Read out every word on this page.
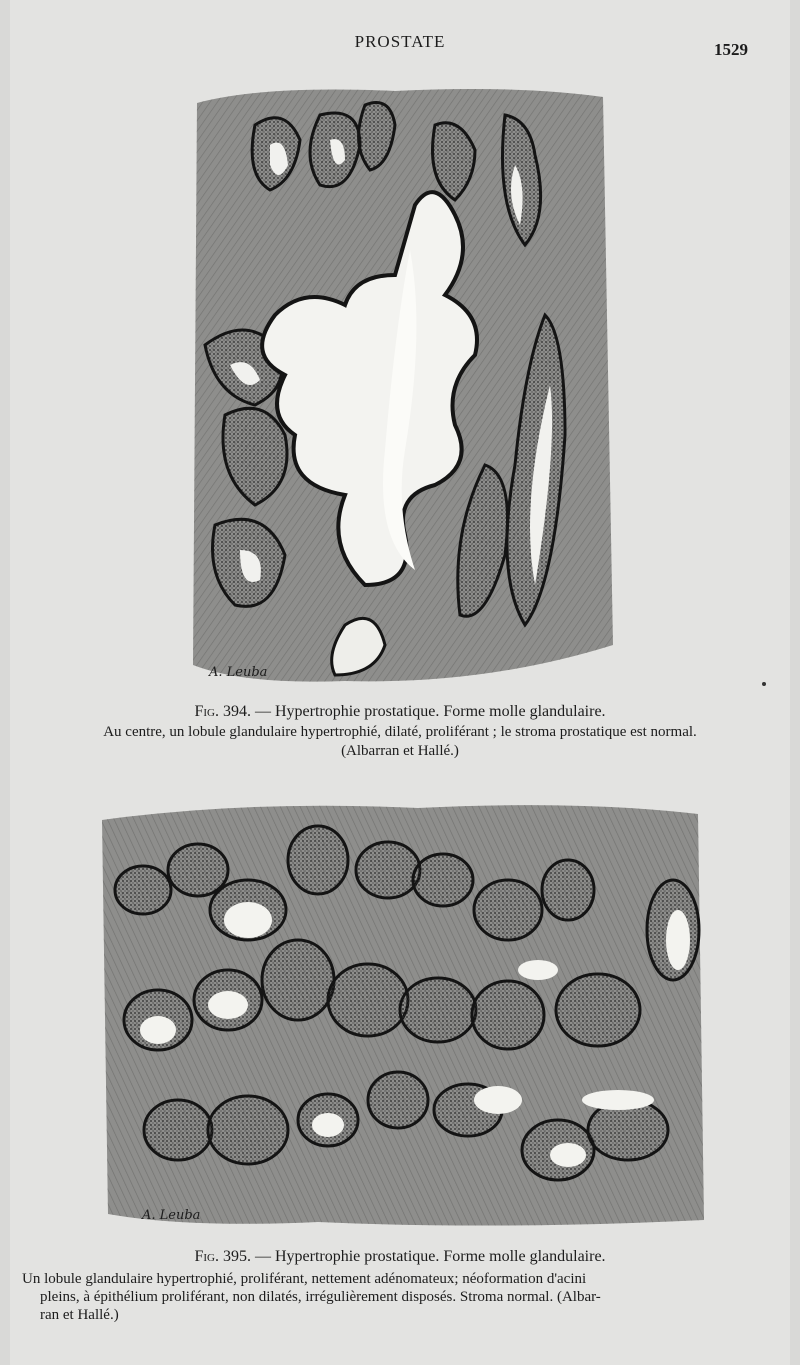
PROSTATE	1529
A. Leuba
Fig. 394. — Hypertrophie prostatique. Forme molle glandulaire.
Au centre, un lobule glandulaire hypertrophié, dilaté, proliférant ; le stroma prostatique est normal.
(Albarran et Hallé.)
A. Leuba
Fig. 395. — Hypertrophie prostatique. Forme molle glandulaire.
Un lobule glandulaire hypertrophié, proliférant, nettement adénomateux; néoformation d'acini
pleins, à épithélium proliférant, non dilatés, irrégulièrement disposés. Stroma normal. (Albar-
ran et Hallé.)
